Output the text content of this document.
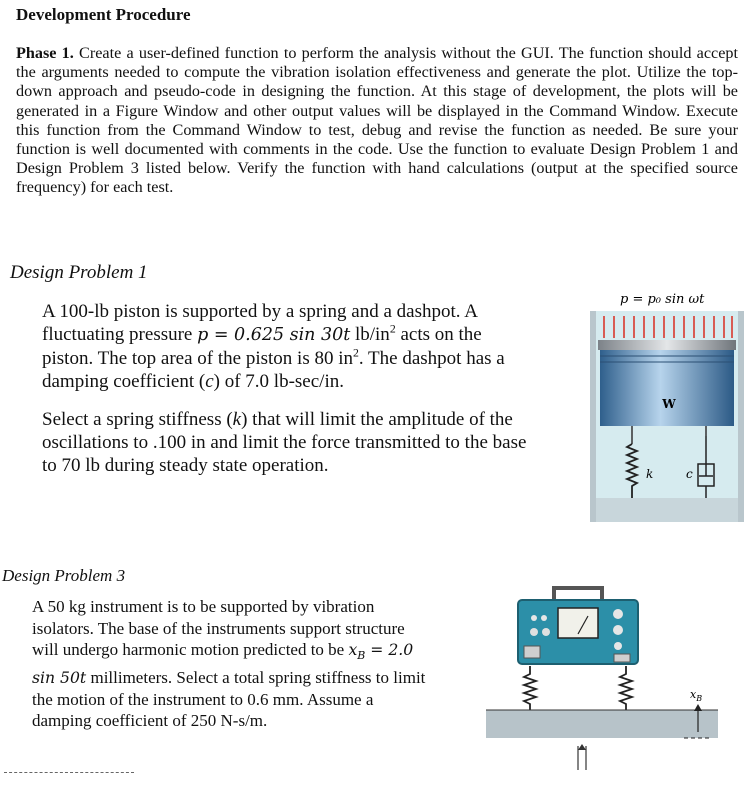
Development Procedure

Phase 1. Create a user-defined function to perform the analysis without the GUI. The function should accept the arguments needed to compute the vibration isolation effectiveness and generate the plot. Utilize the top-down approach and pseudo-code in designing the function. At this stage of development, the plots will be generated in a Figure Window and other output values will be displayed in the Command Window. Execute this function from the Command Window to test, debug and revise the function as needed. Be sure your function is well documented with comments in the code. Use the function to evaluate Design Problem 1 and Design Problem 3 listed below. Verify the function with hand calculations (output at the specified source frequency) for each test.

Design Problem 1

A 100-lb piston is supported by a spring and a dashpot. A fluctuating pressure p = 0.625 sin 30t $lb/in^2$ acts on the piston. The top area of the piston is 80 $in^2$. The dashpot has a damping coefficient (c) of 7.0 lb-sec/in.

Select a spring stiffness (k) that will limit the amplitude of the oscillations to .100 in and limit the force transmitted to the base to 70 lb during steady state operation.

p = p₀ sin ωt
W
k	c
Design Problem 3

A 50 kg instrument is to be supported by vibration isolators. The base of the instruments support structure will undergo harmonic motion predicted to be $x_B = 2.0$ sin 50t millimeters. Select a total spring stiffness to limit the motion of the instrument to 0.6 mm. Assume a damping coefficient of 250 N-s/m.

$x_B$
